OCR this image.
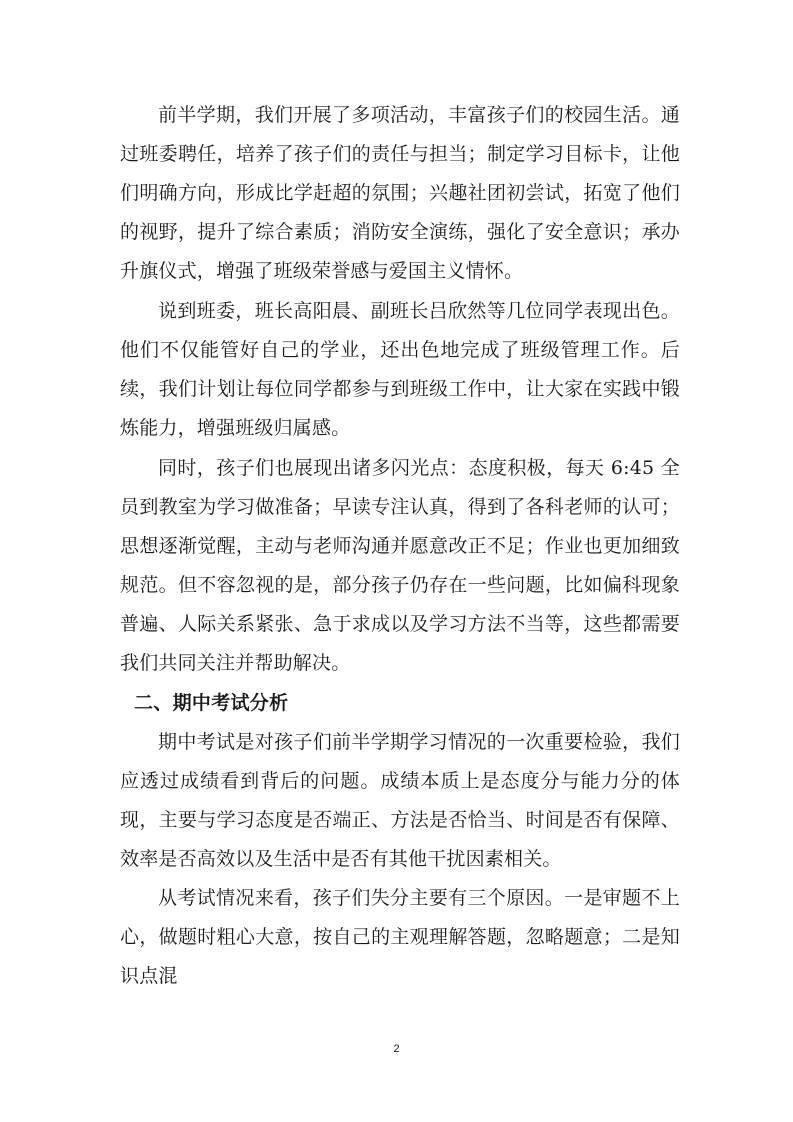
前半学期，我们开展了多项活动，丰富孩子们的校园生活。通过班委聘任，培养了孩子们的责任与担当；制定学习目标卡，让他们明确方向，形成比学赶超的氛围；兴趣社团初尝试，拓宽了他们的视野，提升了综合素质；消防安全演练，强化了安全意识；承办升旗仪式，增强了班级荣誉感与爱国主义情怀。

说到班委，班长高阳晨、副班长吕欣然等几位同学表现出色。他们不仅能管好自己的学业，还出色地完成了班级管理工作。后续，我们计划让每位同学都参与到班级工作中，让大家在实践中锻炼能力，增强班级归属感。

同时，孩子们也展现出诸多闪光点：态度积极，每天 6:45 全员到教室为学习做准备；早读专注认真，得到了各科老师的认可；思想逐渐觉醒，主动与老师沟通并愿意改正不足；作业也更加细致规范。但不容忽视的是，部分孩子仍存在一些问题，比如偏科现象普遍、人际关系紧张、急于求成以及学习方法不当等，这些都需要我们共同关注并帮助解决。

二、期中考试分析

期中考试是对孩子们前半学期学习情况的一次重要检验，我们应透过成绩看到背后的问题。成绩本质上是态度分与能力分的体现，主要与学习态度是否端正、方法是否恰当、时间是否有保障、效率是否高效以及生活中是否有其他干扰因素相关。

从考试情况来看，孩子们失分主要有三个原因。一是审题不上心，做题时粗心大意，按自己的主观理解答题，忽略题意；二是知识点混

2
